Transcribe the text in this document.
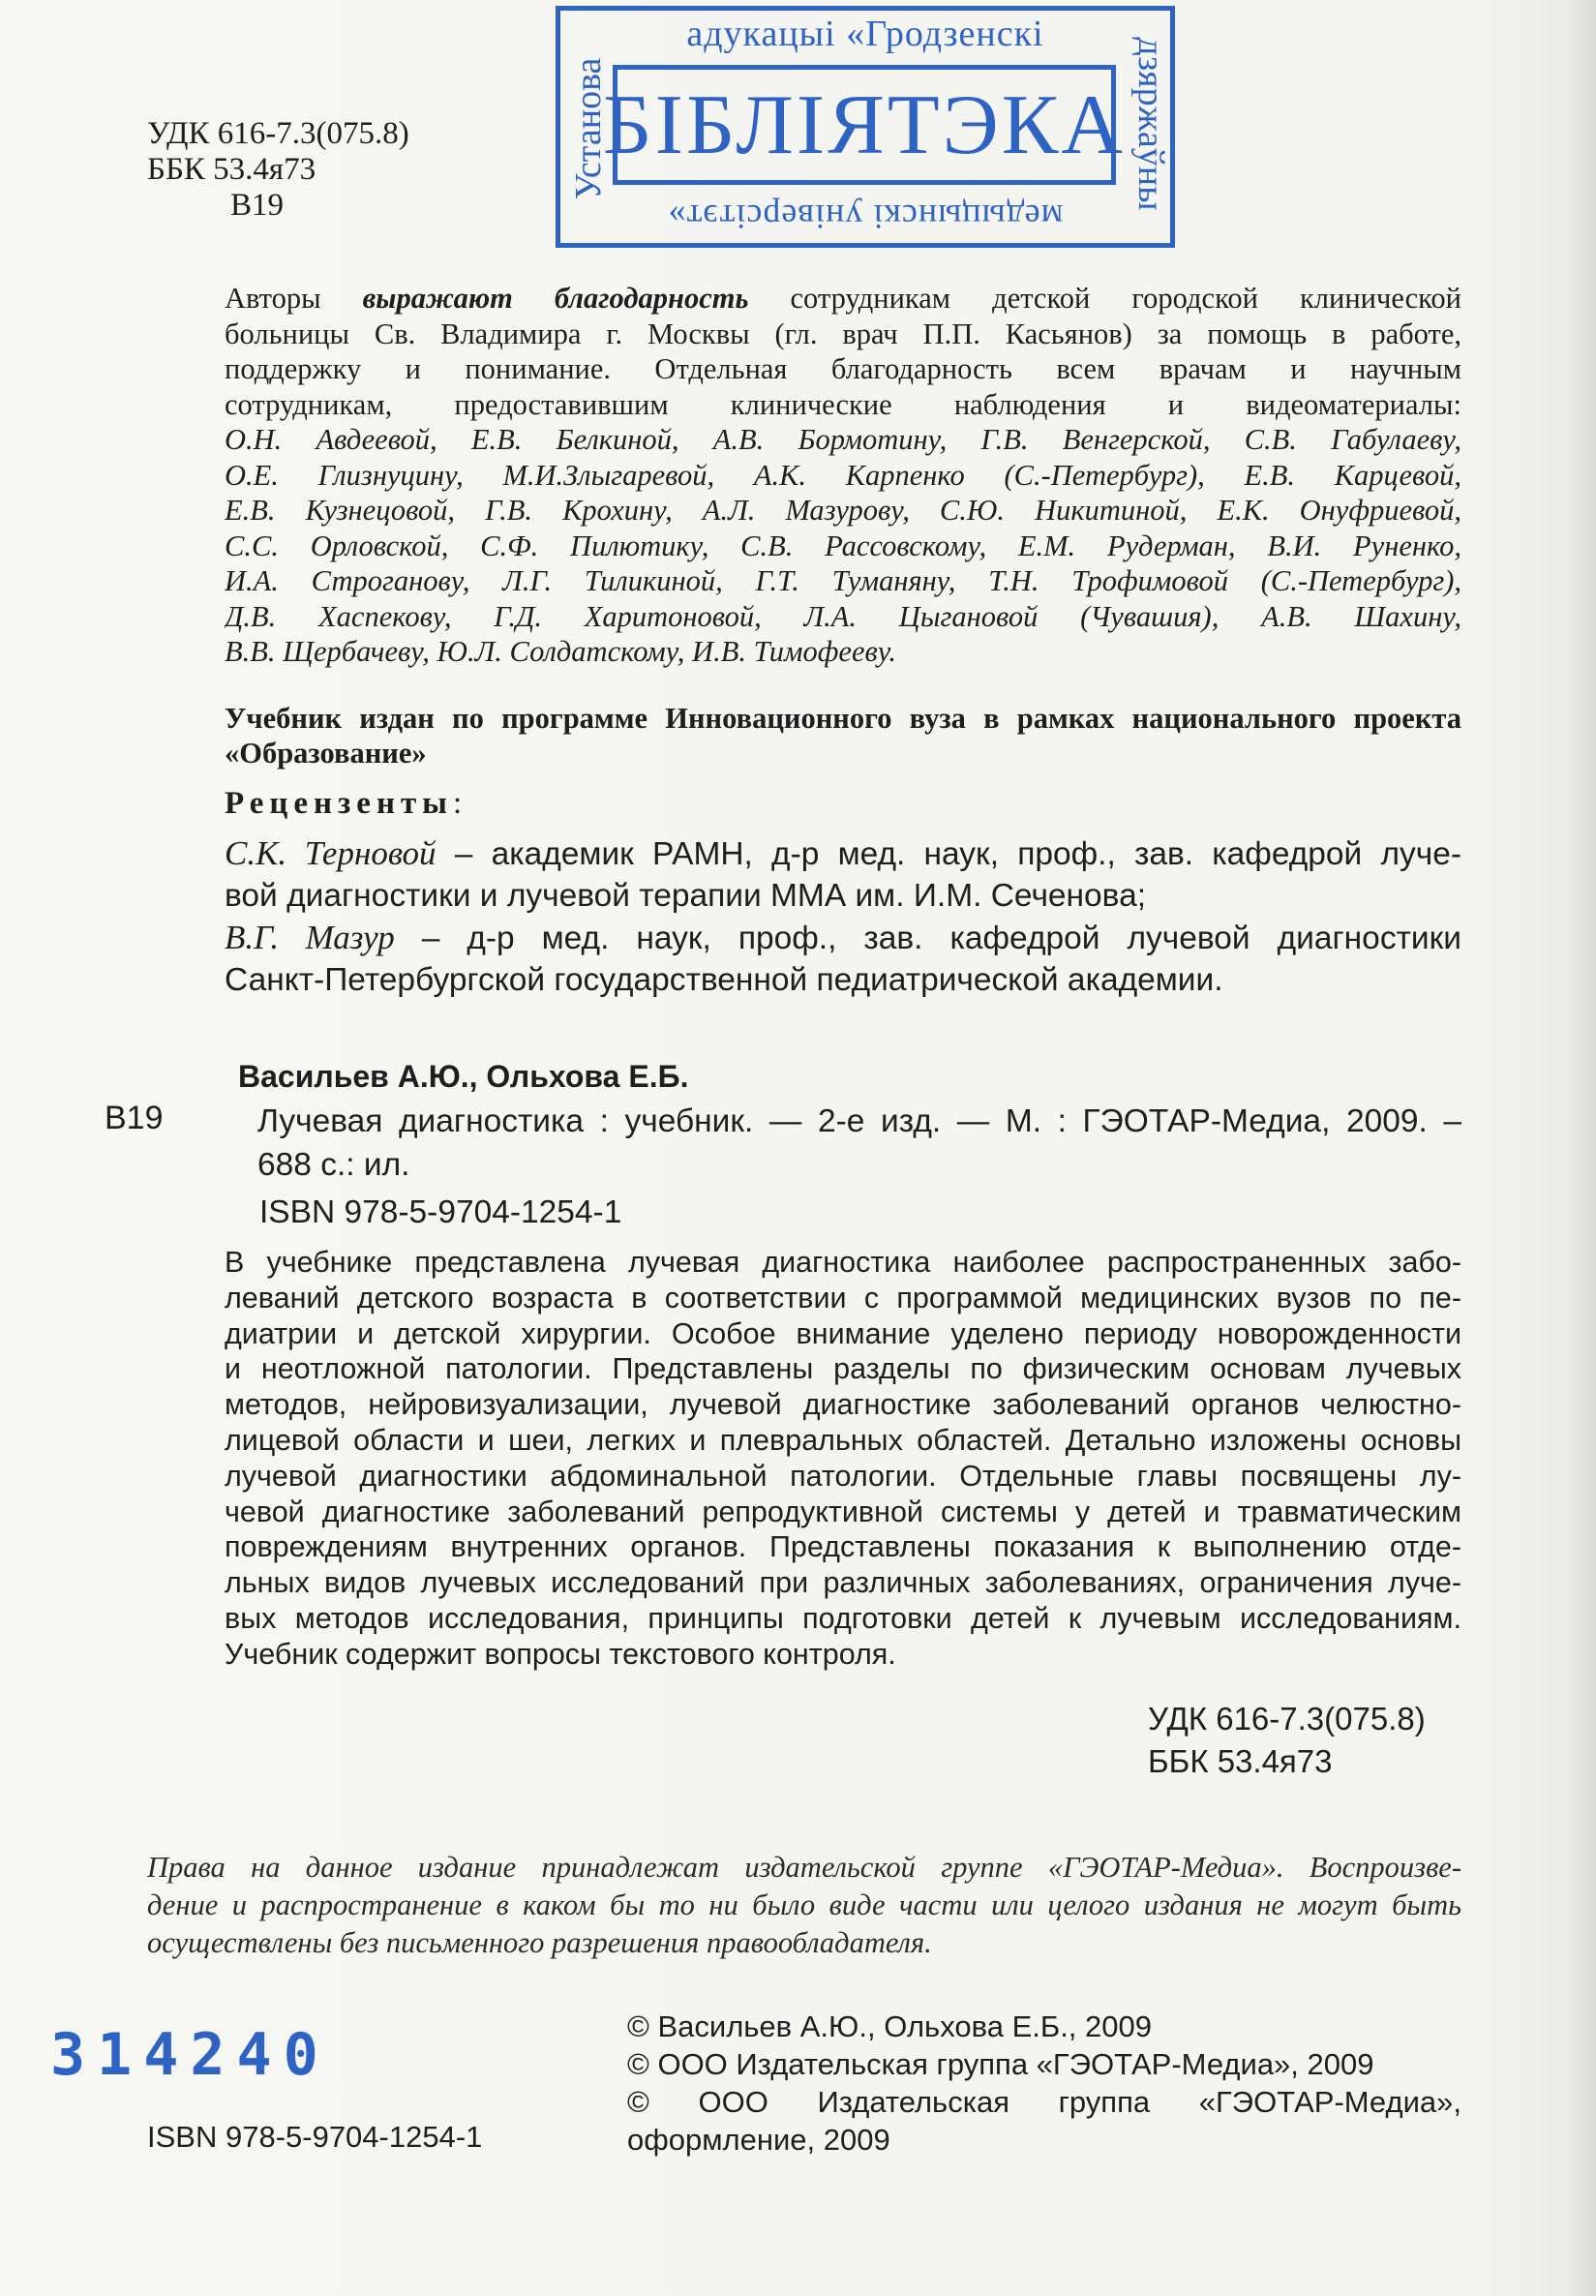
адукацыі «Гродзенскі
Установа	дзяржаўны
БІБЛІЯТЭКА
медыцынскі універсітэт»
УДК 616-7.3(075.8)
ББК 53.4я73
В19
Авторы выражают благодарность сотрудникам детской городской клинической
больницы Св. Владимира г. Москвы (гл. врач П.П. Касьянов) за помощь в работе,
поддержку и понимание. Отдельная благодарность всем врачам и научным
сотрудникам, предоставившим клинические наблюдения и видеоматериалы:
О.Н. Авдеевой, Е.В. Белкиной, А.В. Бормотину, Г.В. Венгерской, С.В. Габулаеву,
О.Е. Глизнуцину, М.И.Злыгаревой, А.К. Карпенко (С.-Петербург), Е.В. Карцевой,
Е.В. Кузнецовой, Г.В. Крохину, А.Л. Мазурову, С.Ю. Никитиной, Е.К. Онуфриевой,
С.С. Орловской, С.Ф. Пилютику, С.В. Рассовскому, Е.М. Рудерман, В.И. Руненко,
И.А. Строганову, Л.Г. Тиликиной, Г.Т. Туманяну, Т.Н. Трофимовой (С.-Петербург),
Д.В. Хаспекову, Г.Д. Харитоновой, Л.А. Цыгановой (Чувашия), А.В. Шахину,
В.В. Щербачеву, Ю.Л. Солдатскому, И.В. Тимофееву.
Учебник издан по программе Инновационного вуза в рамках национального проекта
«Образование»
Рецензенты:
С.К. Терновой – академик РАМН, д-р мед. наук, проф., зав. кафедрой луче-
вой диагностики и лучевой терапии ММА им. И.М. Сеченова;
В.Г. Мазур – д-р мед. наук, проф., зав. кафедрой лучевой диагностики
Санкт-Петербургской государственной педиатрической академии.
Васильев А.Ю., Ольхова Е.Б.
В19	Лучевая диагностика : учебник. — 2-е изд. — М. : ГЭОТАР-Медиа, 2009. –
688 с.: ил.
ISBN 978-5-9704-1254-1
В учебнике представлена лучевая диагностика наиболее распространенных забо-
леваний детского возраста в соответствии с программой медицинских вузов по пе-
диатрии и детской хирургии. Особое внимание уделено периоду новорожденности
и неотложной патологии. Представлены разделы по физическим основам лучевых
методов, нейровизуализации, лучевой диагностике заболеваний органов челюстно-
лицевой области и шеи, легких и плевральных областей. Детально изложены основы
лучевой диагностики абдоминальной патологии. Отдельные главы посвящены лу-
чевой диагностике заболеваний репродуктивной системы у детей и травматическим
повреждениям внутренних органов. Представлены показания к выполнению отде-
льных видов лучевых исследований при различных заболеваниях, ограничения луче-
вых методов исследования, принципы подготовки детей к лучевым исследованиям.
Учебник содержит вопросы текстового контроля.
УДК 616-7.3(075.8)
ББК 53.4я73
Права на данное издание принадлежат издательской группе «ГЭОТАР-Медиа». Воспроизве-
дение и распространение в каком бы то ни было виде части или целого издания не могут быть
осуществлены без письменного разрешения правообладателя.
314240
ISBN 978-5-9704-1254-1
© Васильев А.Ю., Ольхова Е.Б., 2009
© ООО Издательская группа «ГЭОТАР-Медиа», 2009
© ООО Издательская группа «ГЭОТАР-Медиа»,
оформление, 2009
